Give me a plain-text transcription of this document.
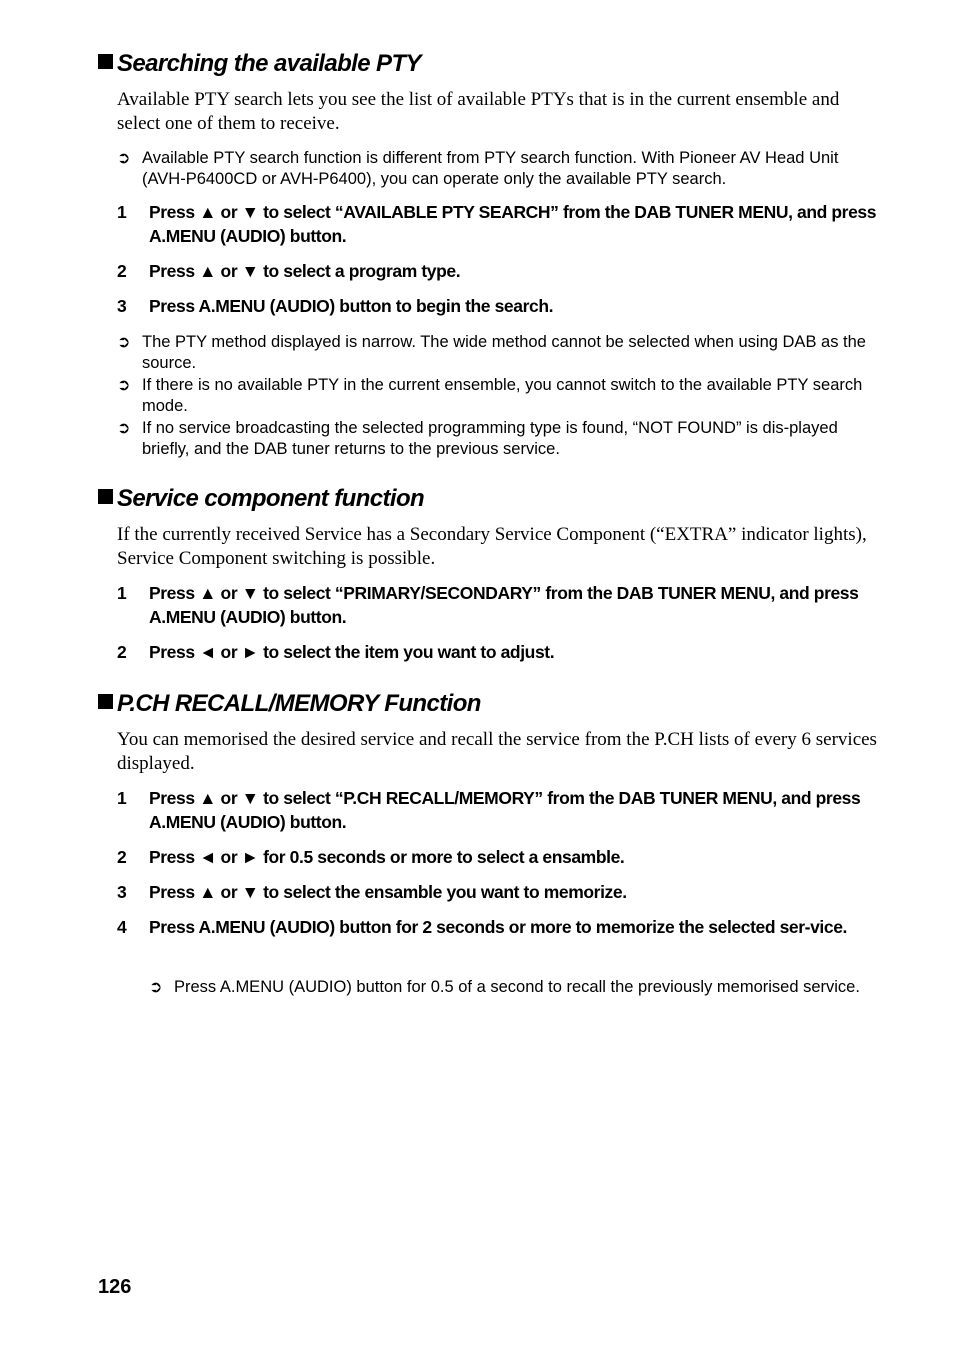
Searching the available PTY

Available PTY search lets you see the list of available PTYs that is in the current ensemble and select one of them to receive.

➲ Available PTY search function is different from PTY search function. With Pioneer AV Head Unit (AVH-P6400CD or AVH-P6400), you can operate only the available PTY search.
1 Press ▲ or ▼ to select “AVAILABLE PTY SEARCH” from the DAB TUNER MENU, and press A.MENU (AUDIO) button.
2 Press ▲ or ▼ to select a program type.
3 Press A.MENU (AUDIO) button to begin the search.
➲ The PTY method displayed is narrow. The wide method cannot be selected when using DAB as the source.
➲ If there is no available PTY in the current ensemble, you cannot switch to the available PTY search mode.
➲ If no service broadcasting the selected programming type is found, “NOT FOUND” is dis-played briefly, and the DAB tuner returns to the previous service.
Service component function

If the currently received Service has a Secondary Service Component (“EXTRA” indicator lights), Service Component switching is possible.

1 Press ▲ or ▼ to select “PRIMARY/SECONDARY” from the DAB TUNER MENU, and press A.MENU (AUDIO) button.
2 Press ◄ or ► to select the item you want to adjust.
P.CH RECALL/MEMORY Function

You can memorised the desired service and recall the service from the P.CH lists of every 6 services displayed.

1 Press ▲ or ▼ to select “P.CH RECALL/MEMORY” from the DAB TUNER MENU, and press A.MENU (AUDIO) button.
2 Press ◄ or ► for 0.5 seconds or more to select a ensamble.
3 Press ▲ or ▼ to select the ensamble you want to memorize.
4 Press A.MENU (AUDIO) button for 2 seconds or more to memorize the selected ser-vice.
➲ Press A.MENU (AUDIO) button for 0.5 of a second to recall the previously memorised service.
126
